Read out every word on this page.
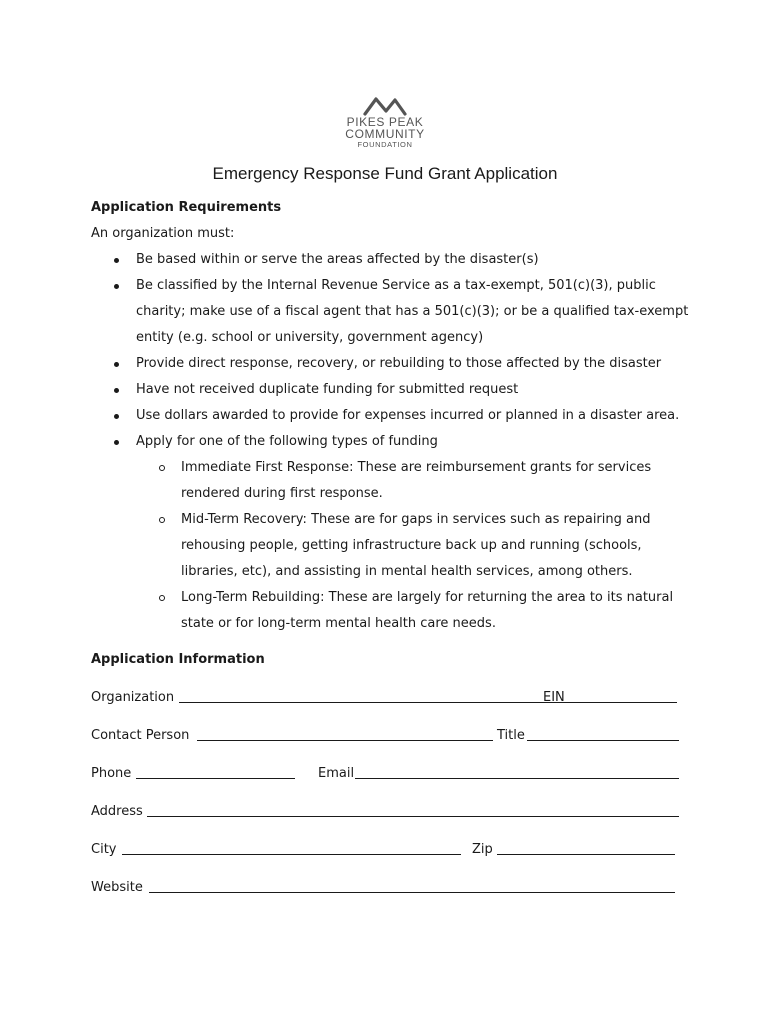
PIKES PEAK
COMMUNITY
FOUNDATION
Emergency Response Fund Grant Application
Application Requirements
An organization must:
Be based within or serve the areas affected by the disaster(s)
Be classified by the Internal Revenue Service as a tax-exempt, 501(c)(3), public
charity; make use of a fiscal agent that has a 501(c)(3); or be a qualified tax-exempt
entity (e.g. school or university, government agency)
Provide direct response, recovery, or rebuilding to those affected by the disaster
Have not received duplicate funding for submitted request
Use dollars awarded to provide for expenses incurred or planned in a disaster area.
Apply for one of the following types of funding
Immediate First Response: These are reimbursement grants for services
rendered during first response.
Mid-Term Recovery: These are for gaps in services such as repairing and
rehousing people, getting infrastructure back up and running (schools,
libraries, etc), and assisting in mental health services, among others.
Long-Term Rebuilding: These are largely for returning the area to its natural
state or for long-term mental health care needs.
Application Information
Organization	EIN
Contact Person	Title
Phone	Email
Address
City	Zip
Website
